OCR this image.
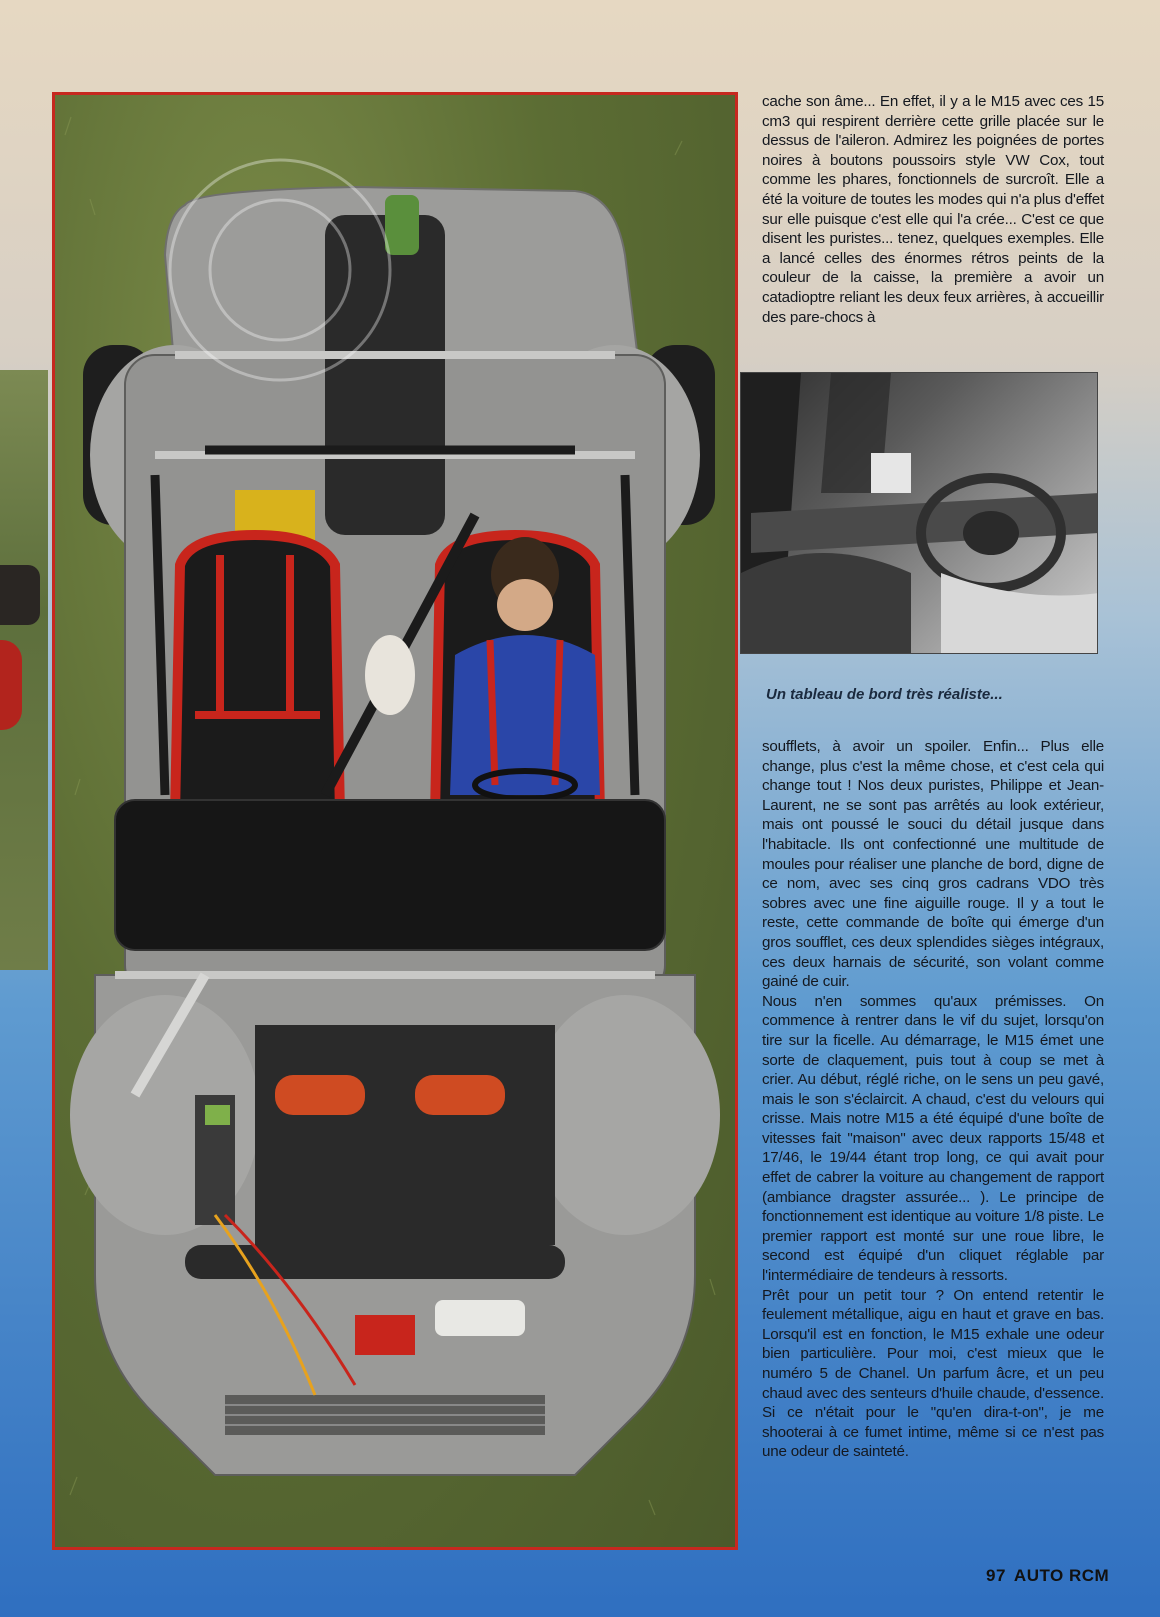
cache son âme... En effet, il y a le M15 avec ces 15 cm3 qui respirent derrière cette grille placée sur le dessus de l'aileron. Admirez les poignées de portes noires à boutons poussoirs style VW Cox, tout comme les phares, fonctionnels de surcroît. Elle a été la voiture de toutes les modes qui n'a plus d'effet sur elle puisque c'est elle qui l'a crée... C'est ce que disent les puristes... tenez, quelques exemples. Elle a lancé celles des énormes rétros peints de la couleur de la caisse, la première a avoir un catadioptre reliant les deux feux arrières, à accueillir des pare-chocs à

Un tableau de bord très réaliste...

soufflets, à avoir un spoiler. Enfin... Plus elle change, plus c'est la même chose, et c'est cela qui change tout ! Nos deux puristes, Philippe et Jean-Laurent, ne se sont pas arrêtés au look extérieur, mais ont poussé le souci du détail jusque dans l'habitacle. Ils ont confectionné une multitude de moules pour réaliser une planche de bord, digne de ce nom, avec ses cinq gros cadrans VDO très sobres avec une fine aiguille rouge. Il y a tout le reste, cette commande de boîte qui émerge d'un gros soufflet, ces deux splendides sièges intégraux, ces deux harnais de sécurité, son volant comme gainé de cuir.

Nous n'en sommes qu'aux prémisses. On commence à rentrer dans le vif du sujet, lorsqu'on tire sur la ficelle. Au démarrage, le M15 émet une sorte de claquement, puis tout à coup se met à crier. Au début, réglé riche, on le sens un peu gavé, mais le son s'éclaircit. A chaud, c'est du velours qui crisse. Mais notre M15 a été équipé d'une boîte de vitesses fait "maison" avec deux rapports 15/48 et 17/46, le 19/44 étant trop long, ce qui avait pour effet de cabrer la voiture au changement de rapport (ambiance dragster assurée... ). Le principe de fonctionnement est identique au voiture 1/8 piste. Le premier rapport est monté sur une roue libre, le second est équipé d'un cliquet réglable par l'intermédiaire de tendeurs à ressorts.

Prêt pour un petit tour ? On entend retentir le feulement métallique, aigu en haut et grave en bas. Lorsqu'il est en fonction, le M15 exhale une odeur bien particulière. Pour moi, c'est mieux que le numéro 5 de Chanel. Un parfum âcre, et un peu chaud avec des senteurs d'huile chaude, d'essence. Si ce n'était pour le "qu'en dira-t-on", je me shooterai à ce fumet intime, même si ce n'est pas une odeur de sainteté.

97 AUTO RCM
